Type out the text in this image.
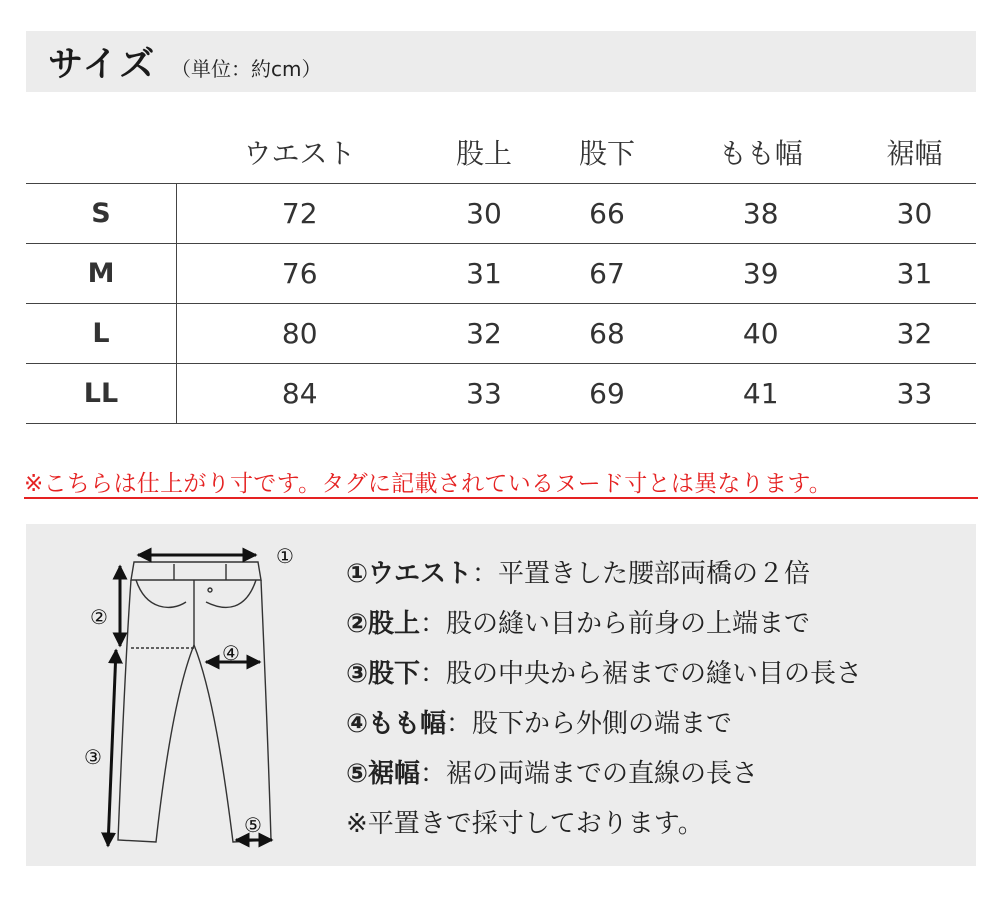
サイズ （単位：約cm）
	ウエスト	股上	股下	もも幅	裾幅
S	72	30	66	38	30
M	76	31	67	39	31
L	80	32	68	40	32
LL	84	33	69	41	33
※こちらは仕上がり寸です。タグに記載されているヌード寸とは異なります。
①
②
③
④
⑤
①ウエスト：平置きした腰部両橋の２倍
②股上：股の縫い目から前身の上端まで
③股下：股の中央から裾までの縫い目の長さ
④もも幅：股下から外側の端まで
⑤裾幅：裾の両端までの直線の長さ
※平置きで採寸しております。
